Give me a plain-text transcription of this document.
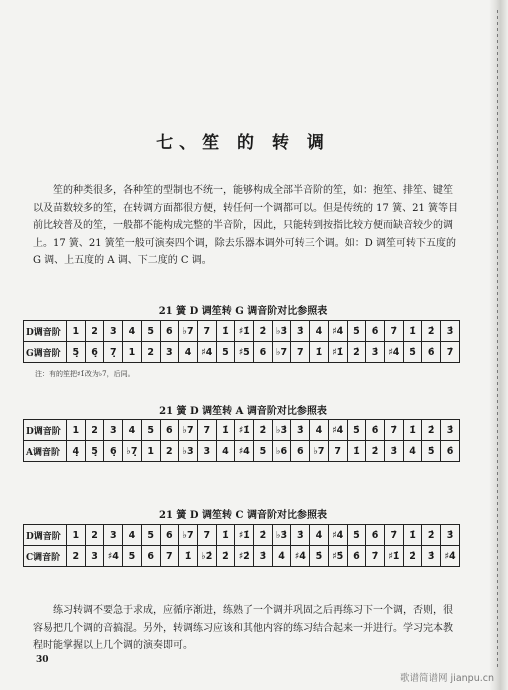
七、笙 的 转 调
笙的种类很多，各种笙的型制也不统一，能够构成全部半音阶的笙，如：抱笙、排笙、键笙以及苗数较多的笙，在转调方面都很方便，转任何一个调都可以。但是传统的 17 簧、21 簧等目前比较普及的笙，一般都不能构成完整的半音阶，因此，只能转到按指比较方便而缺音较少的调上。17 簧、21 簧笙一般可演奏四个调，除去乐器本调外可转三个调。如：D 调笙可转下五度的 G 调、上五度的 A 调、下二度的 C 调。
21 簧 D 调笙转 G 调音阶对比参照表
D调音阶	1	2	3	4	5	6	♭7	7	1̇	♯1̇	2̇	♭3̇	3̇	4̇	♯4̇	5̇	6̇	7̇	1̇̇	2̇̇	3̇̇
G调音阶	5̣	6̣	7̣	1	2	3	4	♯4	5	♯5	6	♭7	7	1̇	♯1̇	2̇	3̇	♯4̇	5̇	6̇	7̇
注：有的笙把♯1̇改为♭7，后同。
21 簧 D 调笙转 A 调音阶对比参照表
D调音阶	1	2	3	4	5	6	♭7	7	1̇	♯1̇	2̇	♭3̇	3̇	4̇	♯4̇	5̇	6̇	7̇	1̇̇	2̇̇	3̇̇
A调音阶	4̣	5̣	6̣	♭7̣	1	2	♭3	3	4	♯4	5	♭6	6	♭7	7	1̇	2̇	3̇	4̇	5̇	6̇
21 簧 D 调笙转 C 调音阶对比参照表
D调音阶	1	2	3	4	5	6	♭7	7	1̇	♯1̇	2̇	♭3̇	3̇	4̇	♯4̇	5̇	6̇	7̇	1̇̇	2̇̇	3̇̇
C调音阶	2	3	♯4	5	6	7	1̇	♭2̇	2̇	♯2̇	3̇	4̇	♯4̇	5̇	♯5̇	6̇	7̇	♯1̇̇	2̇̇	3̇̇	♯4̇̇
练习转调不要急于求成，应循序渐进，练熟了一个调并巩固之后再练习下一个调，否则，很容易把几个调的音搞混。另外，转调练习应该和其他内容的练习结合起来一并进行。学习完本教程时能掌握以上几个调的演奏即可。
30
歌谱简谱网 jianpu.cn
